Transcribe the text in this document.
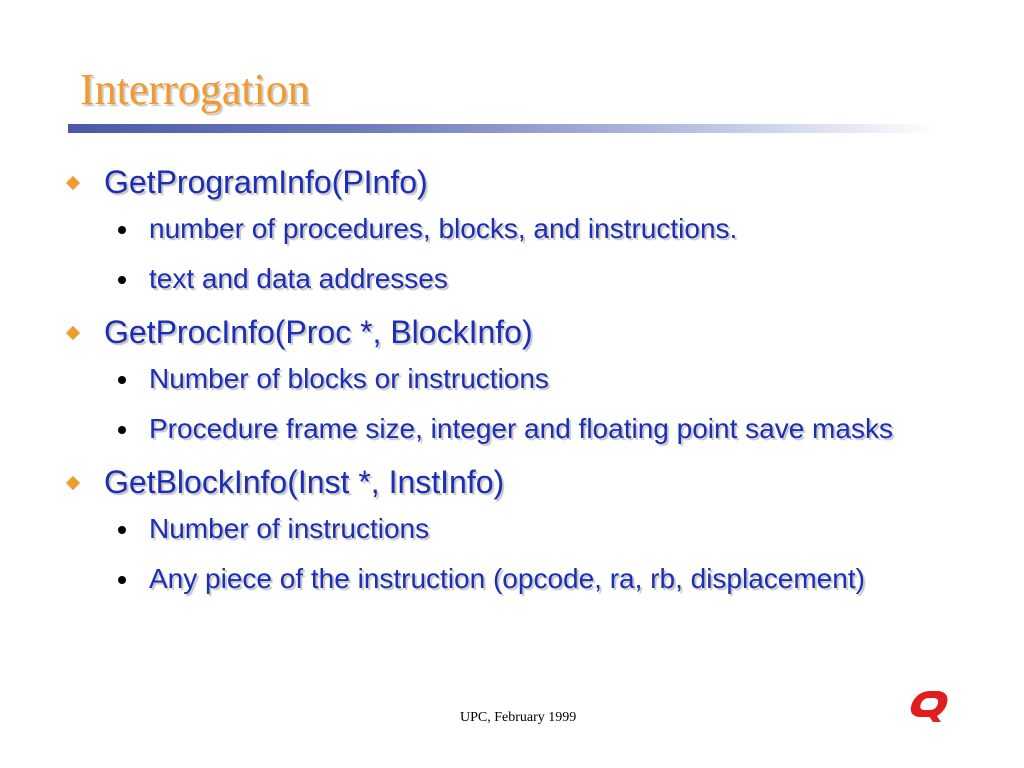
Interrogation

GetProgramInfo(PInfo)

number of procedures, blocks, and instructions.

text and data addresses

GetProcInfo(Proc *, BlockInfo)

Number of blocks or instructions

Procedure frame size, integer and floating point save masks

GetBlockInfo(Inst *, InstInfo)

Number of instructions

Any piece of the instruction (opcode, ra, rb, displacement)

UPC, February 1999
